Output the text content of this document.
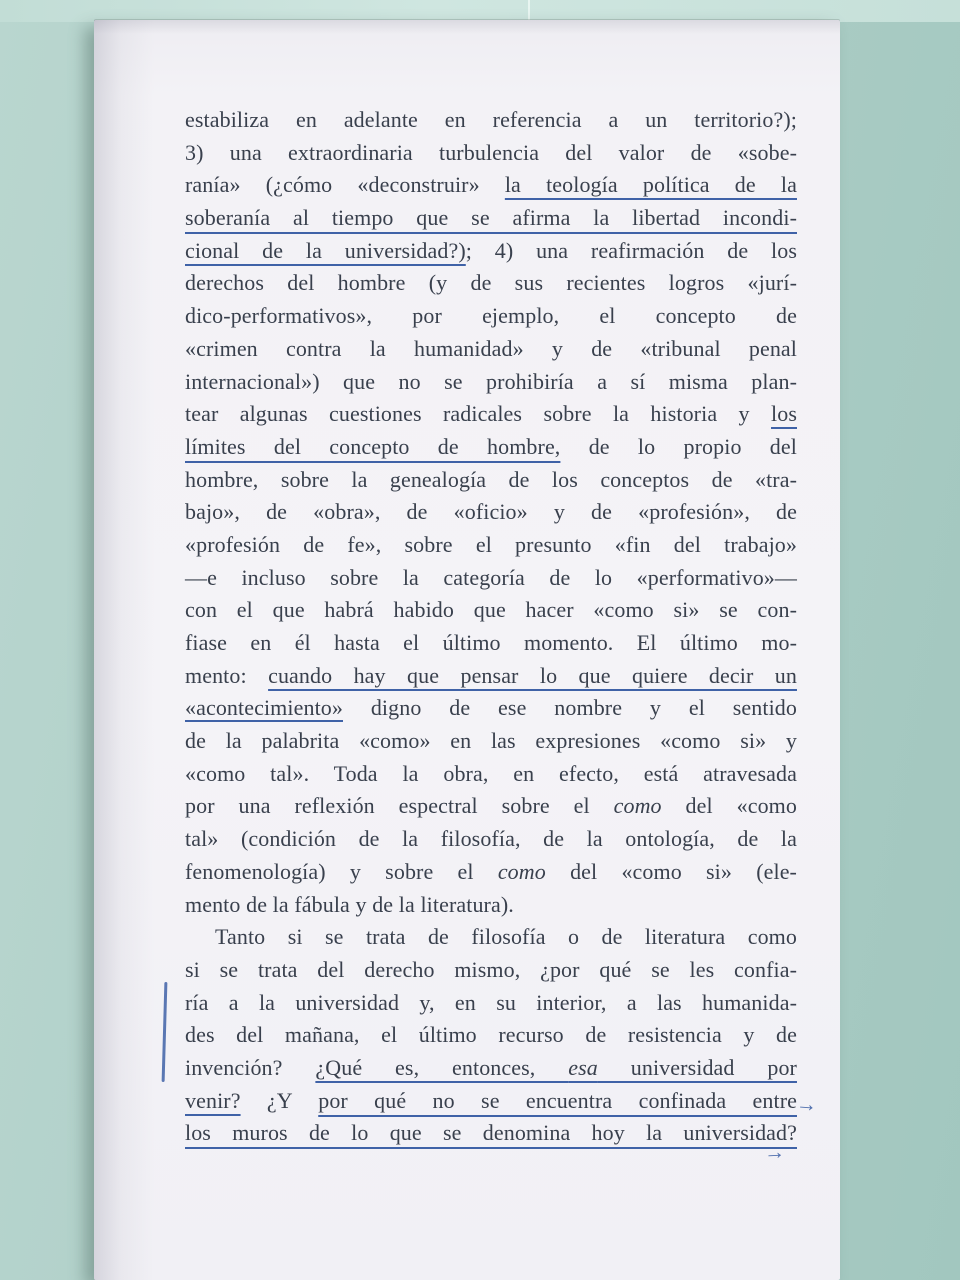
estabiliza en adelante en referencia a un territorio?);
3) una extraordinaria turbulencia del valor de «sobe-
ranía» (¿cómo «deconstruir» la teología política de la
soberanía al tiempo que se afirma la libertad incondi-
cional de la universidad?); 4) una reafirmación de los
derechos del hombre (y de sus recientes logros «jurí-
dico-performativos», por ejemplo, el concepto de
«crimen contra la humanidad» y de «tribunal penal
internacional») que no se prohibiría a sí misma plan-
tear algunas cuestiones radicales sobre la historia y los
límites del concepto de hombre, de lo propio del
hombre, sobre la genealogía de los conceptos de «tra-
bajo», de «obra», de «oficio» y de «profesión», de
«profesión de fe», sobre el presunto «fin del trabajo»
—e incluso sobre la categoría de lo «performativo»—
con el que habrá habido que hacer «como si» se con-
fiase en él hasta el último momento. El último mo-
mento: cuando hay que pensar lo que quiere decir un
«acontecimiento» digno de ese nombre y el sentido
de la palabrita «como» en las expresiones «como si» y
«como tal». Toda la obra, en efecto, está atravesada
por una reflexión espectral sobre el como del «como
tal» (condición de la filosofía, de la ontología, de la
fenomenología) y sobre el como del «como si» (ele-
mento de la fábula y de la literatura).
Tanto si se trata de filosofía o de literatura como
si se trata del derecho mismo, ¿por qué se les confia-
ría a la universidad y, en su interior, a las humanida-
des del mañana, el último recurso de resistencia y de
invención? ¿Qué es, entonces, esa universidad por
venir? ¿Y por qué no se encuentra confinada entre
→
los muros de lo que se denomina hoy la universidad?
→
